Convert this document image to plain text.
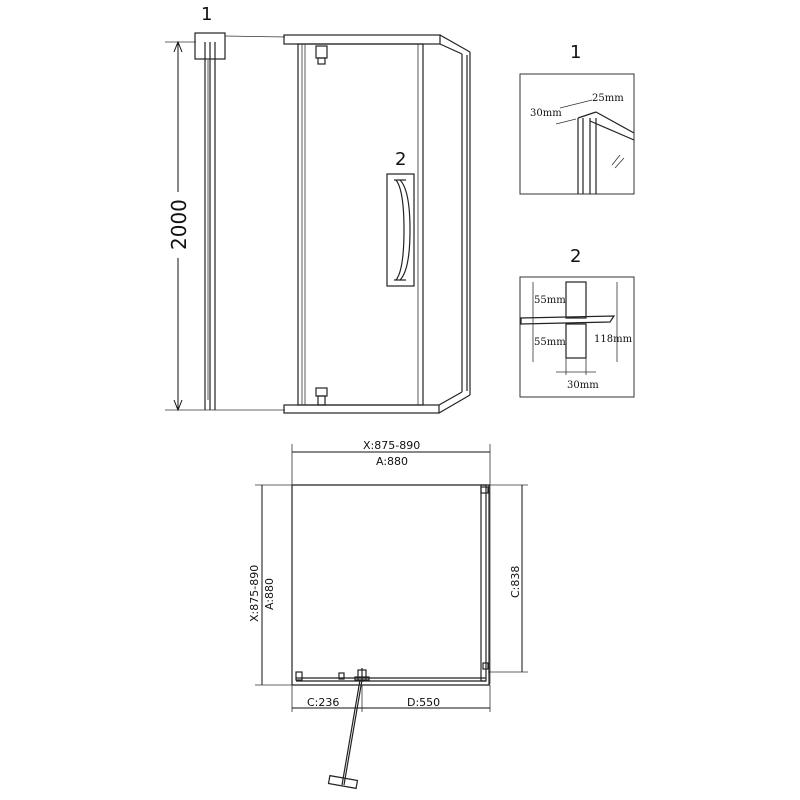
2000
1
2
1
25mm
30mm
2
55mm
55mm	118mm
30mm
X:875-890
A:880
X:875-890 A:880	C:838
C:236	D:550
